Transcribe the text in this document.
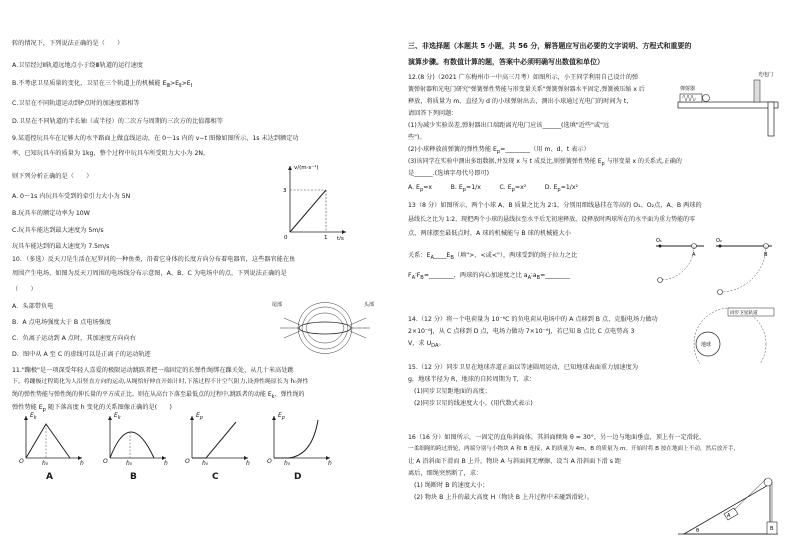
转的情况下，下列说法正确的是（　　）
A.卫星经过Ⅱ轨道远地点小于绕Ⅲ轨道的运行速度
B.不考虑卫星质量的变化，卫星在三个轨道上的机械能 $E_Ⅲ>E_Ⅱ>E_Ⅰ$
C.卫星在不同轨道运动到P点时的加速度都相等
D.卫星在不同轨道的半长轴（或半径）的二次方与周期的三次方的比值都相等
9.某遥控玩具车在足够大的水平路面上做直线运动，在 0～1s 内的 v−t 图像如图所示，1s 末达到额定功
率，已知玩具车的质量为 1kg，整个过程中玩具车所受阻力大小为 2N，
则下列分析正确的是（　　）
A. 0～1s 内玩具车受到的牵引力大小为 5N
B.玩具车的额定功率为 10W
C.玩具车能达到最大速度为 5m/s
玩具车能达到的最大速度为 7.5m/s
v/(m·s⁻¹)
t/s
3
1
0
10．（多选）反天刀是生活在尼罗河的一种鱼类，沿着它身体的长度方向分布着电器官，这些器官能在鱼
周围产生电场，如图为反天刀周围的电场线分布示意图，A、B、C 为电场中的点，下列说法正确的是
（　　）
A．头部带负电
B．A 点电场强度大于 B 点电场强度
C．负离子运动到 A 点时，其加速度方向向右
D．图中从 A 至 C 的虚线可以是正离子的运动轨迹
尾部	头部
11."蹦极"是一项深受年轻人喜爱的极限运动跳跃者把一端固定的长弹性绳绑在踝关处，从几十米高处跳
下。将蹦极过程简化为人沿竖直方向的运动,从绳恰好伸直开始计时,下落过程不计空气阻力,设弹性绳原长为 h₀弹性
绳的弹性势能与弹性绳的伸长量的平方成正比。则在从高台下落至最低点的过程中,跳跃者的动能 $E_k$、弹性绳的
弹性势能 $E_p$ 随下落高度 h 变化的关系图像正确的是(　　)
$E_k$
O	h₀	h
A
$E_k$
O	h₀	h
B
$E_p$
O h₀	h
C
$E_p$
O h₀	h
D
三、非选择题（本题共 5 小题，共 56 分，解答题应写出必要的文字说明、方程式和重要的
演算步骤。有数值计算的题，答案中必须明确写出数值和单位）
12.(8 分)（2021 广东梅州市一中高三月考）如图所示，小王同学利用自己设计的弹
簧弹射器和光电门研究"弹簧弹性势能与形变量关系"弹簧弹射器水平固定,弹簧被压缩 x 后
释放，将质量为 m、直径为 d 的小球弹射出去，测出小球通过光电门的时间为 t，
请回答下列问题：
(1)为减少实验误差,弹射器出口端距离光电门应该______(选填"近些"或"远
些")。
(2)小球释放前弹簧的弹性势能 $E_p=\_\_\_\_\_\_\_\_$（用 m、d、t 表示）
(3)该同学在实验中测出多组数据,并发现 x 与 t 成反比,则弹簧弹性势能 $E_p$ 与形变量 x 的关系式,正确的
是______.(选填字母代号即可)
A. $E_p=x$　　　B. $E_p=1/x$　　　C. $E_p=x^2$　　　D. $E_p=1/x^2$
弹射器
光电门
13（8 分）如图所示，两个小球 A、B 质量之比为 2∶1，分别用细线悬挂在等高的 O₁、O₂点，A、B 两球的
悬线长之比为 1∶2，现把两个小球的悬线拉至水平后无初速释放，设释放时两球所在的水平面为重力势能的零
点，两球摆至最低点时，A 球的机械能与 B 球的机械能大小
关系：$E_A\_\_\_\_E_B$（填">、<或<"），两球受到的绳子拉力之比
$F_A∶F_B=\_\_\_\_\_\_\_\_$，两球的向心加速度之比 $a_A∶a_B=\_\_\_\_\_\_\_\_$
O₁	O₂
A	B
14.（12 分）将一个电荷量为 10⁻⁶C 的负电荷从电场中的 A 点移到 B 点，克服电场力做功
2×10⁻⁶J，从 C 点移到 D 点，电场力做功 7×10⁻⁶J，若已知 B 点比 C 点电势高 3
V，求 $U_{DA}$。
15.（12 分）同步卫星在地球赤道正面以等速圆周运动，已知地球表面重力加速度为
g，地球半径为 R，地球的自转周期为 T，求：
(1)同步卫星距地面的高度；
(2)同步卫星的线速度大小。(用代数式表示)
地球
同步卫星轨道
16（16 分）如图所示，一固定的直角斜面体，其斜面倾角 θ = 30°，另一边与地面垂直，顶上有一定滑轮，
一柔细绳的跨过滑轮，两端分别与小物块 A 和 B 连接，A 的质量为 4m，B 的质量为 m。开始时将 B 按在地面上不动，然后放开手，
让 A 沿斜面下滑而 B 上升，物块 A 与斜面间无摩擦，设当 A 沿斜面下滑 s 距
离后，细绳突然断了，求：
(1) 绳断时 B 的速度大小；
(2) 物块 B 上升的最大高度 H（物块 B 上升过程中未碰到滑轮）。
A
B
θ
